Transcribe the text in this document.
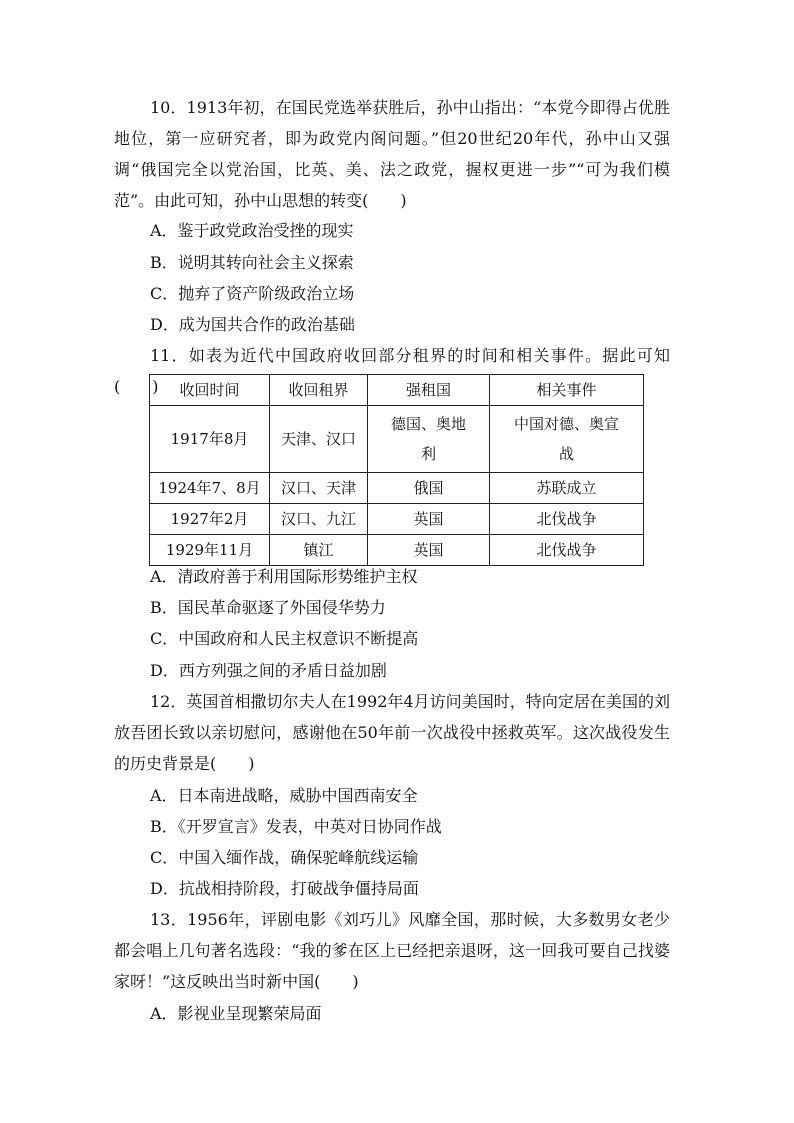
10．1913年初，在国民党选举获胜后，孙中山指出：“本党今即得占优胜地位，第一应研究者，即为政党内阁问题。”但20世纪20年代，孙中山又强调“俄国完全以党治国，比英、美、法之政党，握权更进一步”“可为我们模范”。由此可知，孙中山思想的转变(　　)

A．鉴于政党政治受挫的现实

B．说明其转向社会主义探索

C．抛弃了资产阶级政治立场

D．成为国共合作的政治基础

11．如表为近代中国政府收回部分租界的时间和相关事件。据此可知(　　)	收回时间	收回租界	强租国	相关事件
1917年8月	天津、汉口	德国、奥地利	中国对德、奥宣战
1924年7、8月	汉口、天津	俄国	苏联成立
1927年2月	汉口、九江	英国	北伐战争
1929年11月	镇江	英国	北伐战争

A．清政府善于利用国际形势维护主权

B．国民革命驱逐了外国侵华势力

C．中国政府和人民主权意识不断提高

D．西方列强之间的矛盾日益加剧

12．英国首相撒切尔夫人在1992年4月访问美国时，特向定居在美国的刘放吾团长致以亲切慰问，感谢他在50年前一次战役中拯救英军。这次战役发生的历史背景是(　　)

A．日本南进战略，威胁中国西南安全

B．《开罗宣言》发表，中英对日协同作战

C．中国入缅作战，确保驼峰航线运输

D．抗战相持阶段，打破战争僵持局面

13．1956年，评剧电影《刘巧儿》风靡全国，那时候，大多数男女老少都会唱上几句著名选段：“我的爹在区上已经把亲退呀，这一回我可要自己找婆家呀！”这反映出当时新中国(　　)

A．影视业呈现繁荣局面
